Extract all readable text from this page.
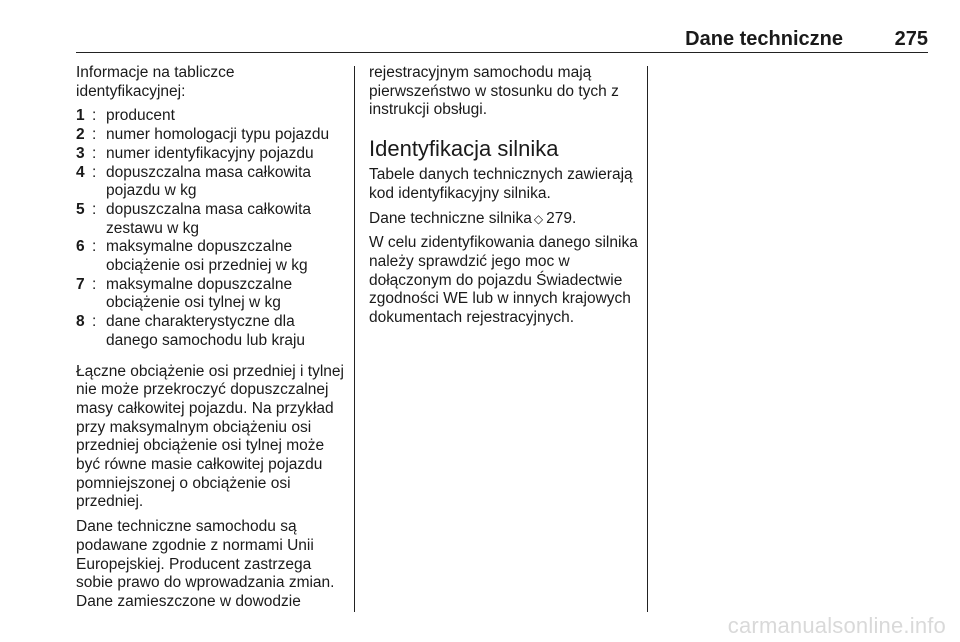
Dane techniczne	275

Informacje na tabliczce identyfikacyjnej:

1 : producent
2 : numer homologacji typu pojazdu
3 : numer identyfikacyjny pojazdu
4 : dopuszczalna masa całkowita pojazdu w kg
5 : dopuszczalna masa całkowita zestawu w kg
6 : maksymalne dopuszczalne obciążenie osi przedniej w kg
7 : maksymalne dopuszczalne obciążenie osi tylnej w kg
8 : dane charakterystyczne dla danego samochodu lub kraju

Łączne obciążenie osi przedniej i tylnej nie może przekroczyć dopuszczalnej masy całkowitej pojazdu. Na przykład przy maksymalnym obciążeniu osi przedniej obciążenie osi tylnej może być równe masie całkowitej pojazdu pomniejszonej o obciążenie osi przedniej.

Dane techniczne samochodu są podawane zgodnie z normami Unii Europejskiej. Producent zastrzega sobie prawo do wprowadzania zmian. Dane zamieszczone w dowodzie

rejestracyjnym samochodu mają pierwszeństwo w stosunku do tych z instrukcji obsługi.

Identyfikacja silnika

Tabele danych technicznych zawierają kod identyfikacyjny silnika.

Dane techniczne silnika ◇ 279.

W celu zidentyfikowania danego silnika należy sprawdzić jego moc w dołączonym do pojazdu Świadectwie zgodności WE lub w innych krajowych dokumentach rejestracyjnych.

carmanualsonline.info
